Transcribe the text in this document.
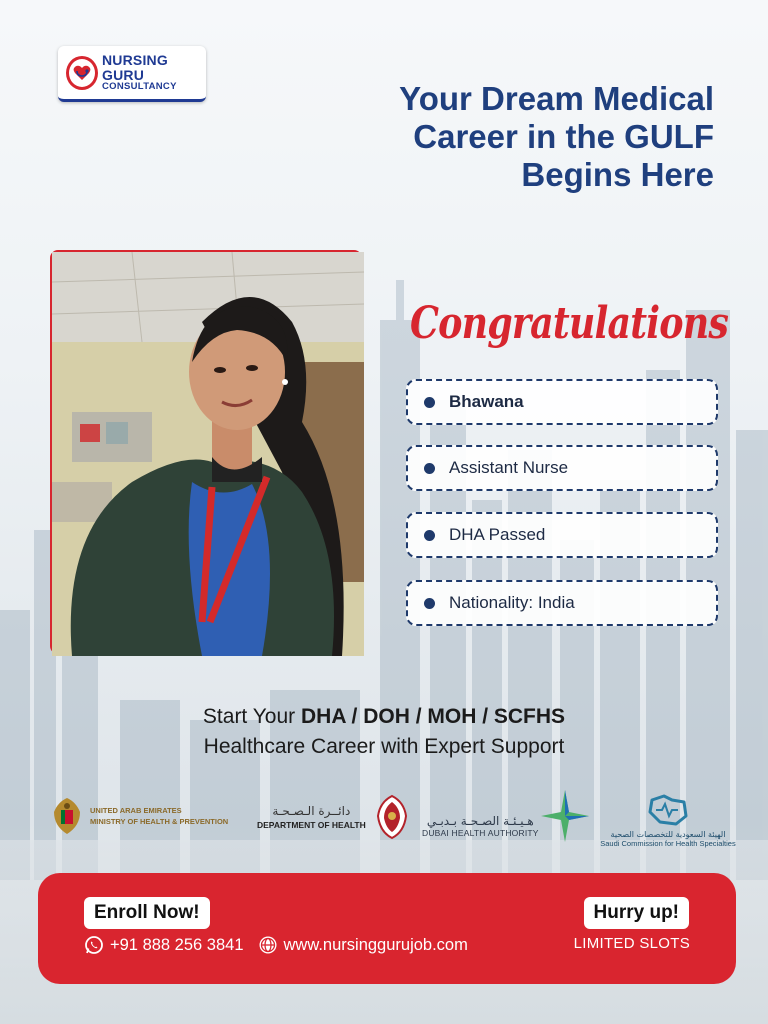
NURSING GURU
CONSULTANCY	Your Dream Medical
Career in the GULF
Begins Here
Congratulations
Bhawana
Assistant Nurse
DHA Passed
Nationality: India
Start Your DHA / DOH / MOH / SCFHS
Healthcare Career with Expert Support
UNITED ARAB EMIRATES
MINISTRY OF HEALTH & PREVENTION
دائــرة الـصـحـة
DEPARTMENT OF HEALTH	هـيـئـة الصـحـة بـدبـي
DUBAI HEALTH AUTHORITY	الهيئة السعودية للتخصصات الصحية
Saudi Commission for Health Specialties
Enroll Now!
+91 888 256 3841 www.nursinggurujob.com
Hurry up!
LIMITED SLOTS
